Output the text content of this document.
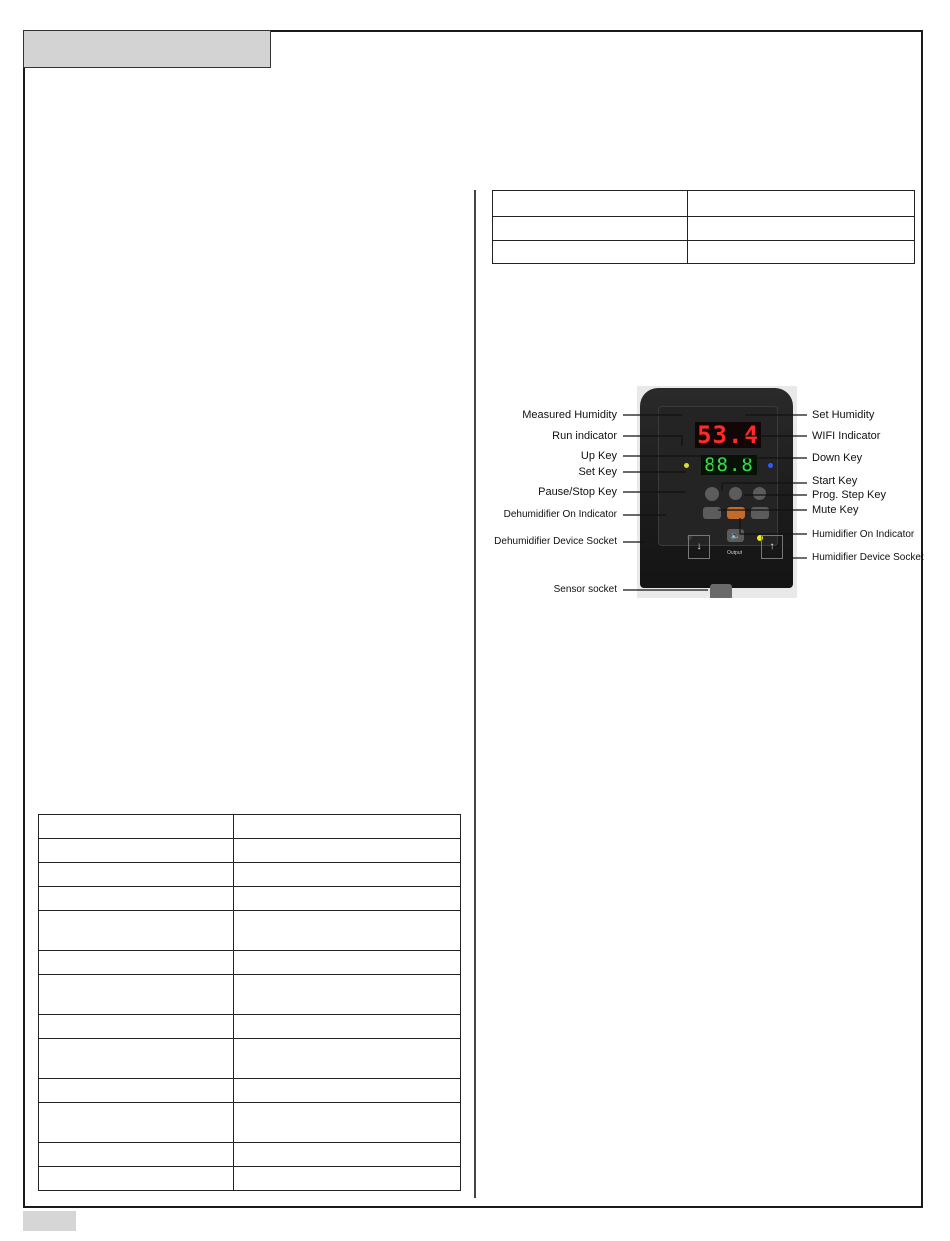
53.4
88.8
🔈
↓	↑
Output
Measured Humidity
Run indicator
Up Key
Set Key
Pause/Stop Key
Dehumidifier On Indicator
Dehumidifier Device Socket
Sensor socket
Set Humidity
WIFI Indicator
Down Key
Start Key
Prog. Step Key
Mute Key
Humidifier On Indicator
Humidifier Device Socket
